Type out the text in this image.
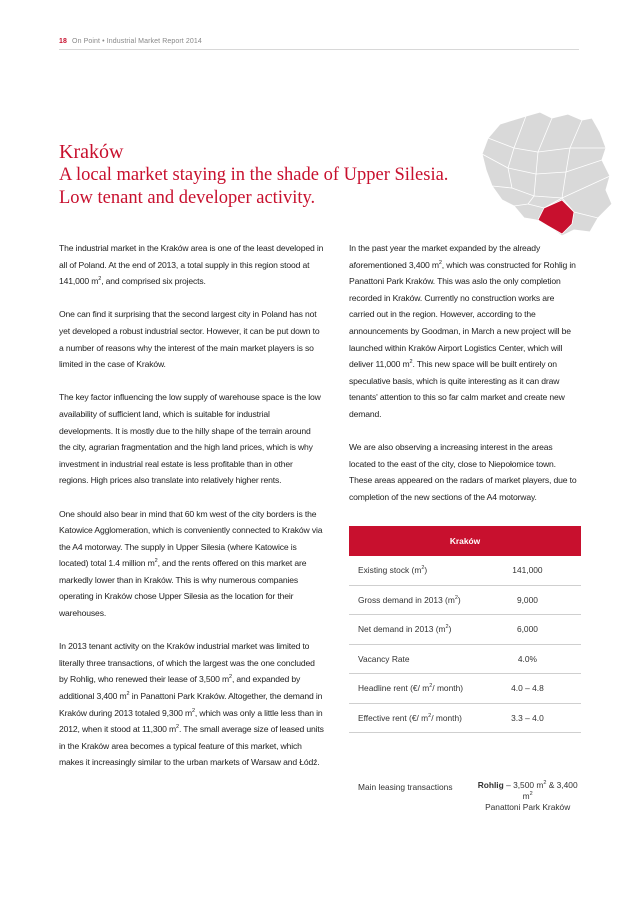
18 On Point • Industrial Market Report 2014
Kraków
A local market staying in the shade of Upper Silesia. Low tenant and developer activity.

The industrial market in the Kraków area is one of the least developed in all of Poland. At the end of 2013, a total supply in this region stood at 141,000 $m^2$, and comprised six projects.

One can find it surprising that the second largest city in Poland has not yet developed a robust industrial sector. However, it can be put down to a number of reasons why the interest of the main market players is so limited in the case of Kraków.

The key factor influencing the low supply of warehouse space is the low availability of sufficient land, which is suitable for industrial developments. It is mostly due to the hilly shape of the terrain around the city, agrarian fragmentation and the high land prices, which is why investment in industrial real estate is less profitable than in other regions. High prices also translate into relatively higher rents.

One should also bear in mind that 60 km west of the city borders is the Katowice Agglomeration, which is conveniently connected to Kraków via the A4 motorway. The supply in Upper Silesia (where Katowice is located) total 1.4 million $m^2$, and the rents offered on this market are markedly lower than in Kraków. This is why numerous companies operating in Kraków chose Upper Silesia as the location for their warehouses.

In 2013 tenant activity on the Kraków industrial market was limited to literally three transactions, of which the largest was the one concluded by Rohlig, who renewed their lease of 3,500 $m^2$, and expanded by additional 3,400 $m^2$ in Panattoni Park Kraków. Altogether, the demand in Kraków during 2013 totaled 9,300 $m^2$, which was only a little less than in 2012, when it stood at 11,300 $m^2$. The small average size of leased units in the Kraków area becomes a typical feature of this market, which makes it increasingly similar to the urban markets of Warsaw and Łódź.

In the past year the market expanded by the already aforementioned 3,400 $m^2$, which was constructed for Rohlig in Panattoni Park Kraków. This was aslo the only completion recorded in Kraków. Currently no construction works are carried out in the region. However, according to the announcements by Goodman, in March a new project will be launched within Kraków Airport Logistics Center, which will deliver 11,000 $m^2$. This new space will be built entirely on speculative basis, which is quite interesting as it can draw tenants' attention to this so far calm market and create new demand.

We are also observing a increasing interest in the areas located to the east of the city, close to Niepołomice town. These areas appeared on the radars of market players, due to completion of the new sections of the A4 motorway.

Kraków
Existing stock $(m^2)$	141,000
Gross demand in 2013 $(m^2)$	9,000
Net demand in 2013 $(m^2)$	6,000
Vacancy Rate	4.0%
Headline rent (€/ $m^2/$ month)	4.0 – 4.8
Effective rent (€/ $m^2/$ month)	3.3 – 4.0
Main leasing transactions	Rohlig – 3,500 $m^2$ & 3,400 $m^2$
Panattoni Park Kraków
